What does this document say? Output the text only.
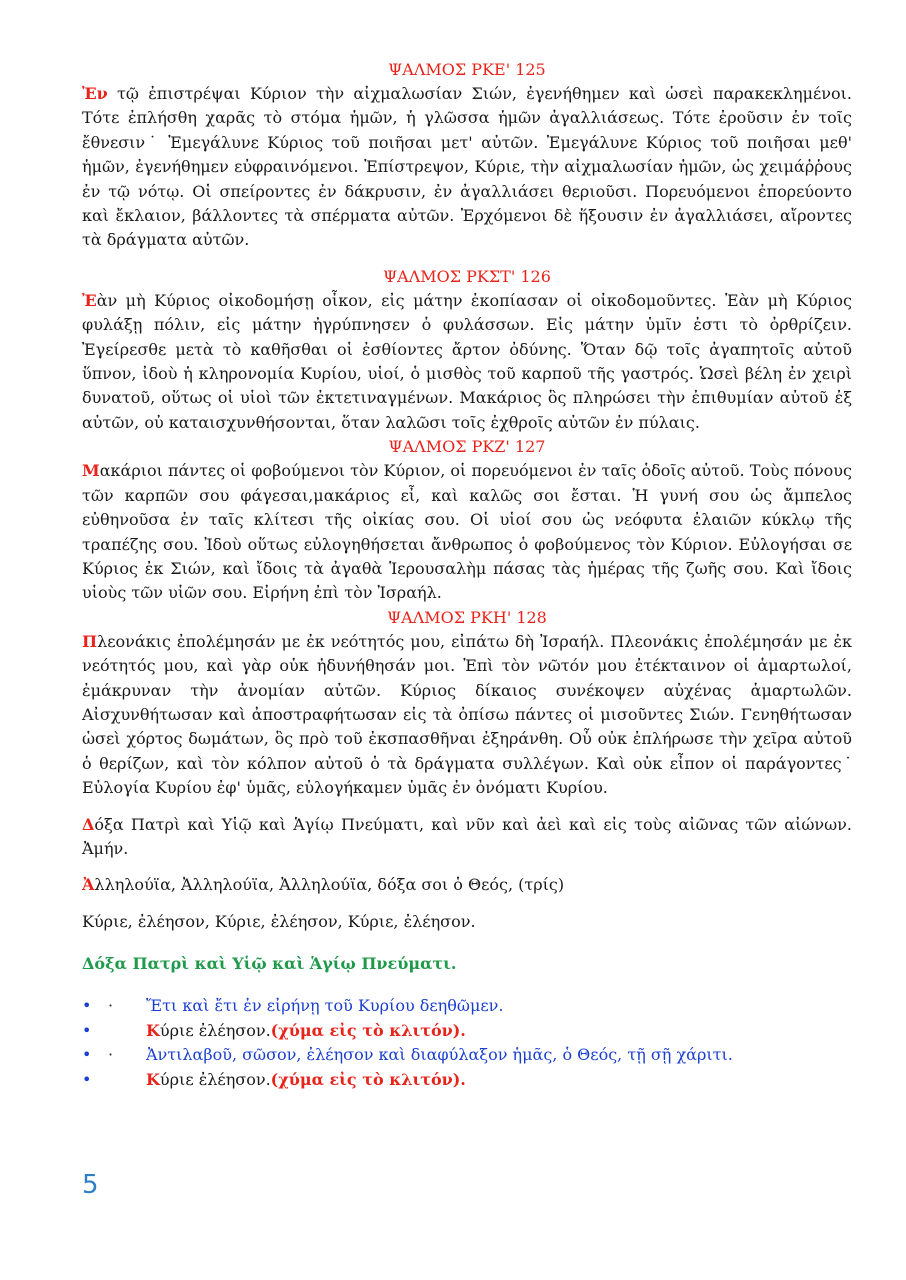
ΨΑΛΜΟΣ ΡΚΕ' 125

Ἐν τῷ ἐπιστρέψαι Κύριον τὴν αἰχμαλωσίαν Σιών, ἐγενήθημεν καὶ ὡσεὶ παρακεκλημένοι. Τότε ἐπλήσθη χαρᾶς τὸ στόμα ἡμῶν, ἡ γλῶσσα ἡμῶν ἀγαλλιάσεως. Τότε ἐροῦσιν ἐν τοῖς ἔθνεσιν˙ Ἐμεγάλυνε Κύριος τοῦ ποιῆσαι μετ' αὐτῶν. Ἐμεγάλυνε Κύριος τοῦ ποιῆσαι μεθ' ἡμῶν, ἐγενήθημεν εὐφραινόμενοι. Ἐπίστρεψον, Κύριε, τὴν αἰχμαλωσίαν ἡμῶν, ὡς χειμάῤῥους ἐν τῷ νότῳ. Οἱ σπείροντες ἐν δάκρυσιν, ἐν ἀγαλλιάσει θεριοῦσι. Πορευόμενοι ἐπορεύοντο καὶ ἔκλαιον, βάλλοντες τὰ σπέρματα αὐτῶν. Ἐρχόμενοι δὲ ἥξουσιν ἐν ἀγαλλιάσει, αἴροντες τὰ δράγματα αὐτῶν.

ΨΑΛΜΟΣ ΡΚΣΤ' 126

Ἐὰν μὴ Κύριος οἰκοδομήσῃ οἶκον, εἰς μάτην ἐκοπίασαν οἱ οἰκοδομοῦντες. Ἐὰν μὴ Κύριος φυλάξῃ πόλιν, εἰς μάτην ἠγρύπνησεν ὁ φυλάσσων. Εἰς μάτην ὑμῖν ἐστι τὸ ὀρθρίζειν. Ἐγείρεσθε μετὰ τὸ καθῆσθαι οἱ ἐσθίοντες ἄρτον ὀδύνης. Ὅταν δῷ τοῖς ἀγαπητοῖς αὐτοῦ ὕπνον, ἰδοὺ ἡ κληρονομία Κυρίου, υἱοί, ὁ μισθὸς τοῦ καρποῦ τῆς γαστρός. Ὡσεὶ βέλη ἐν χειρὶ δυνατοῦ, οὕτως οἱ υἱοὶ τῶν ἐκτετιναγμένων. Μακάριος ὃς πληρώσει τὴν ἐπιθυμίαν αὐτοῦ ἐξ αὐτῶν, οὐ καταισχυνθήσονται, ὅταν λαλῶσι τοῖς ἐχθροῖς αὐτῶν ἐν πύλαις.

ΨΑΛΜΟΣ ΡΚΖ' 127

Μακάριοι πάντες οἱ φοβούμενοι τὸν Κύριον, οἱ πορευόμενοι ἐν ταῖς ὁδοῖς αὐτοῦ. Τοὺς πόνους τῶν καρπῶν σου φάγεσαι,μακάριος εἶ, καὶ καλῶς σοι ἔσται. Ἡ γυνή σου ὡς ἄμπελος εὐθηνοῦσα ἐν ταῖς κλίτεσι τῆς οἰκίας σου. Οἱ υἱοί σου ὡς νεόφυτα ἐλαιῶν κύκλῳ τῆς τραπέζης σου. Ἰδοὺ οὕτως εὐλογηθήσεται ἄνθρωπος ὁ φοβούμενος τὸν Κύριον. Εὐλογήσαι σε Κύριος ἐκ Σιών, καὶ ἴδοις τὰ ἀγαθὰ Ἱερουσαλὴμ πάσας τὰς ἡμέρας τῆς ζωῆς σου. Καὶ ἴδοις υἱοὺς τῶν υἱῶν σου. Εἰρήνη ἐπὶ τὸν Ἰσραήλ.

ΨΑΛΜΟΣ ΡΚΗ' 128

Πλεονάκις ἐπολέμησάν με ἐκ νεότητός μου, εἰπάτω δὴ Ἰσραήλ. Πλεονάκις ἐπολέμησάν με ἐκ νεότητός μου, καὶ γὰρ οὐκ ἠδυνήθησάν μοι. Ἐπὶ τὸν νῶτόν μου ἐτέκταινον οἱ ἁμαρτωλοί, ἐμάκρυναν τὴν ἀνομίαν αὐτῶν. Κύριος δίκαιος συνέκοψεν αὐχένας ἁμαρτωλῶν. Αἰσχυνθήτωσαν καὶ ἀποστραφήτωσαν εἰς τὰ ὀπίσω πάντες οἱ μισοῦντες Σιών. Γενηθήτωσαν ὡσεὶ χόρτος δωμάτων, ὃς πρὸ τοῦ ἐκσπασθῆναι ἐξηράνθη. Οὗ οὐκ ἐπλήρωσε τὴν χεῖρα αὐτοῦ ὁ θερίζων, καὶ τὸν κόλπον αὐτοῦ ὁ τὰ δράγματα συλλέγων. Καὶ οὐκ εἶπον οἱ παράγοντες˙ Εὐλογία Κυρίου ἐφ' ὑμᾶς, εὐλογήκαμεν ὑμᾶς ἐν ὀνόματι Κυρίου.

Δόξα Πατρὶ καὶ Υἱῷ καὶ Ἁγίῳ Πνεύματι, καὶ νῦν καὶ ἀεὶ καὶ εἰς τοὺς αἰῶνας τῶν αἰώνων. Ἀμήν.

Ἀλληλούϊα, Ἀλληλούϊα, Ἀλληλούϊα, δόξα σοι ὁ Θεός, (τρίς)

Κύριε, ἐλέησον, Κύριε, ἐλέησον, Κύριε, ἐλέησον.

Δόξα Πατρὶ καὶ Υἱῷ καὶ Ἁγίῳ Πνεύματι.

• · Ἔτι καὶ ἔτι ἐν εἰρήνῃ τοῦ Κυρίου δεηθῶμεν.
•	Κύριε ἐλέησον.(χύμα εἰς τὸ κλιτόν).
• · Ἀντιλαβοῦ, σῶσον, ἐλέησον καὶ διαφύλαξον ἡμᾶς, ὁ Θεός, τῇ σῇ χάριτι.
•	Κύριε ἐλέησον.(χύμα εἰς τὸ κλιτόν).
5
